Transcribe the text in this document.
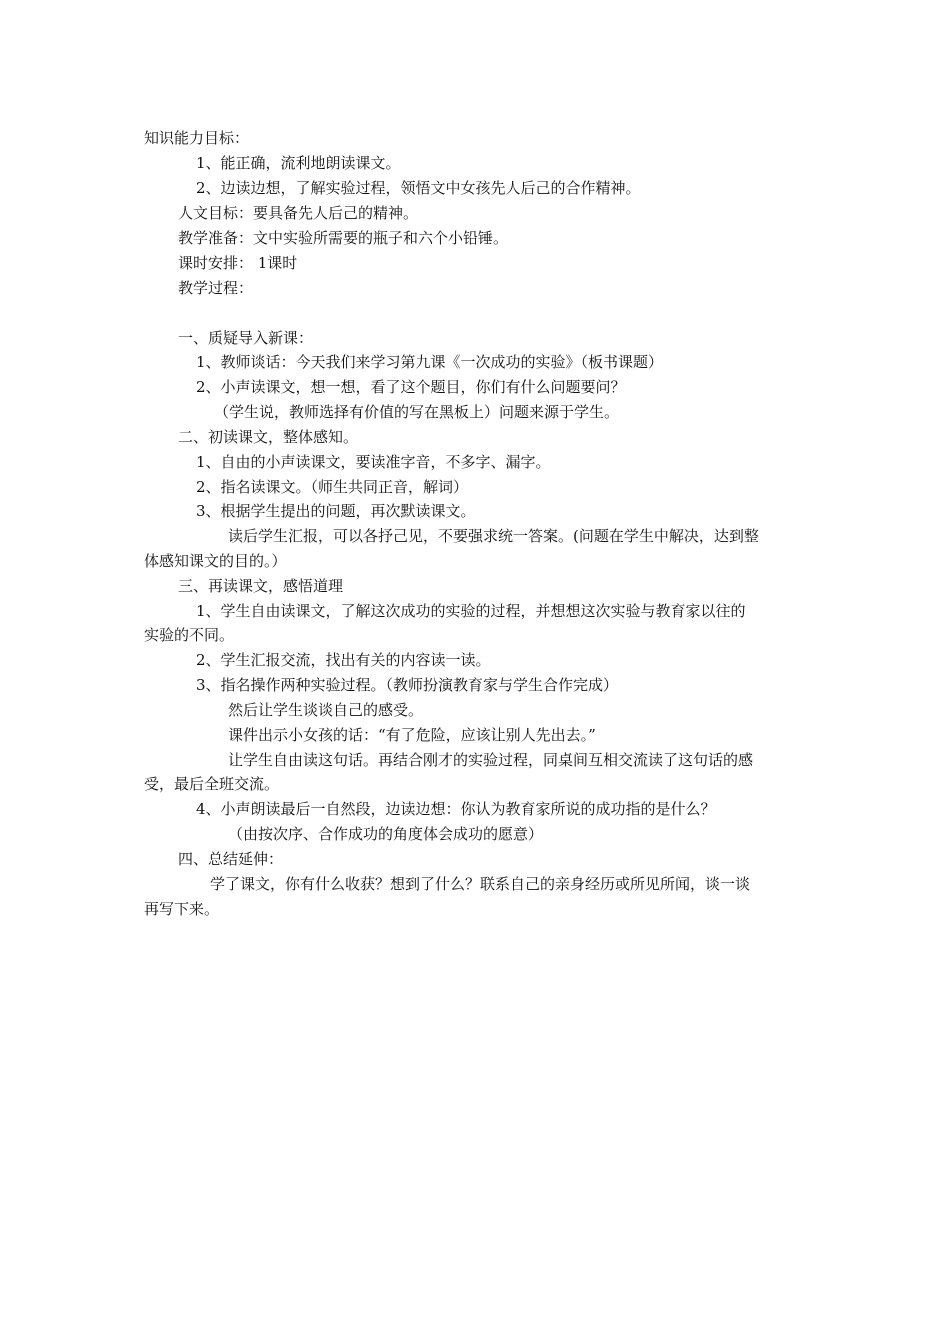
知识能力目标：
1、能正确，流利地朗读课文。
2、边读边想，了解实验过程，领悟文中女孩先人后己的合作精神。
人文目标：要具备先人后己的精神。
教学准备：文中实验所需要的瓶子和六个小铅锤。
课时安排： 1课时
教学过程：
一、质疑导入新课：
1、教师谈话：今天我们来学习第九课《一次成功的实验》（板书课题）
2、小声读课文，想一想，看了这个题目，你们有什么问题要问？
（学生说，教师选择有价值的写在黑板上）问题来源于学生。
二、初读课文，整体感知。
1、自由的小声读课文，要读准字音，不多字、漏字。
2、指名读课文。（师生共同正音，解词）
3、根据学生提出的问题，再次默读课文。
读后学生汇报，可以各抒己见，不要强求统一答案。(问题在学生中解决，达到整
体感知课文的目的。）
三、再读课文，感悟道理
1、学生自由读课文，了解这次成功的实验的过程，并想想这次实验与教育家以往的
实验的不同。
2、学生汇报交流，找出有关的内容读一读。
3、指名操作两种实验过程。（教师扮演教育家与学生合作完成）
然后让学生谈谈自己的感受。
课件出示小女孩的话：“有了危险，应该让别人先出去。”
让学生自由读这句话。再结合刚才的实验过程，同桌间互相交流读了这句话的感
受，最后全班交流。
4、小声朗读最后一自然段，边读边想：你认为教育家所说的成功指的是什么？
（由按次序、合作成功的角度体会成功的愿意）
四、总结延伸：
学了课文，你有什么收获？想到了什么？联系自己的亲身经历或所见所闻，谈一谈
再写下来。
